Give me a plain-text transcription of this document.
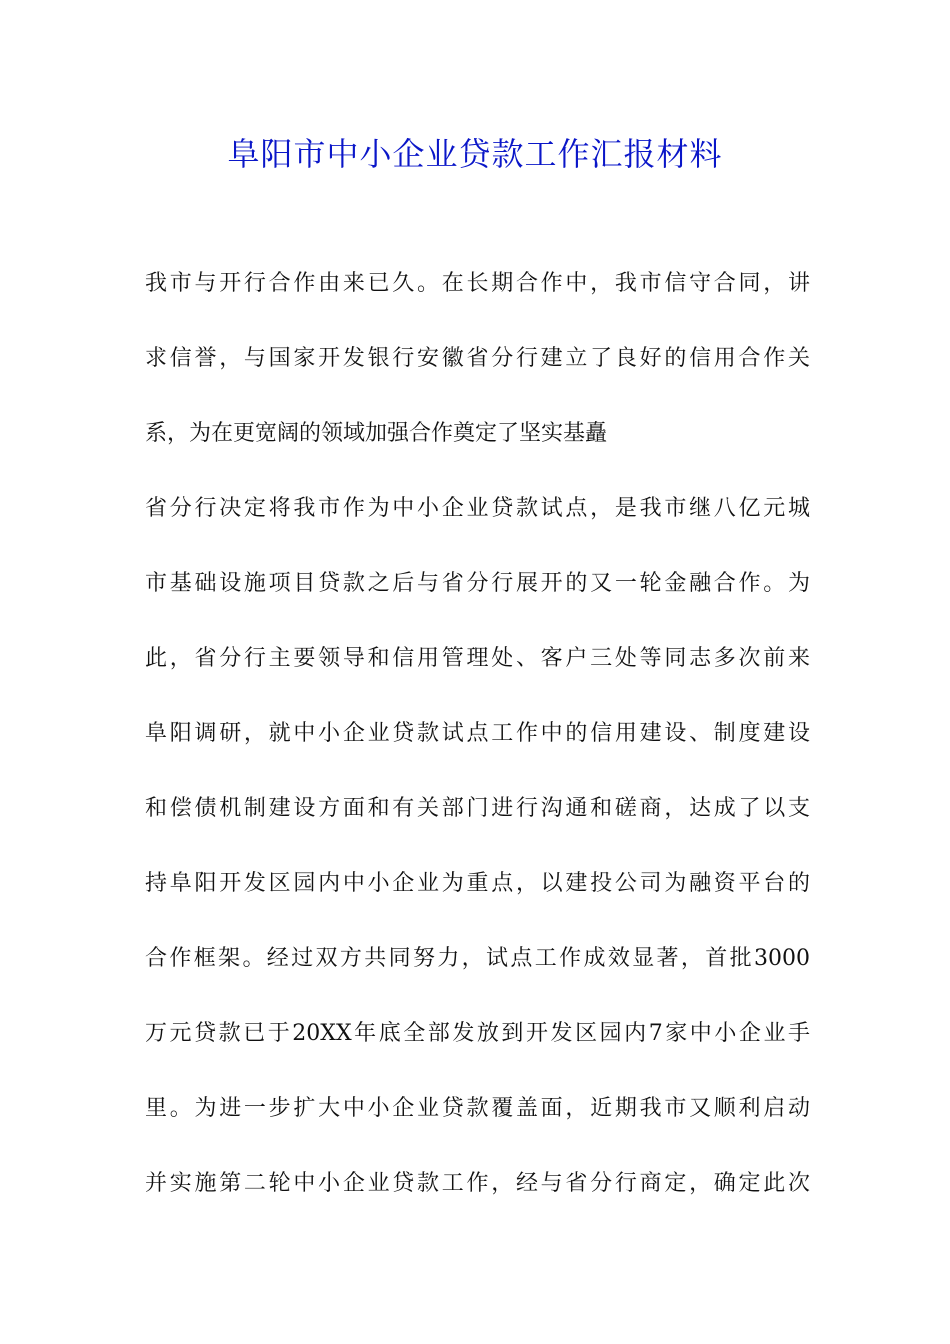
阜阳市中小企业贷款工作汇报材料
我市与开行合作由来已久。在长期合作中，我市信守合同，讲
求信誉，与国家开发银行安徽省分行建立了良好的信用合作关
系，为在更宽阔的领域加强合作奠定了坚实基矗
省分行决定将我市作为中小企业贷款试点，是我市继八亿元城
市基础设施项目贷款之后与省分行展开的又一轮金融合作。为
此，省分行主要领导和信用管理处、客户三处等同志多次前来
阜阳调研，就中小企业贷款试点工作中的信用建设、制度建设
和偿债机制建设方面和有关部门进行沟通和磋商，达成了以支
持阜阳开发区园内中小企业为重点，以建投公司为融资平台的
合作框架。经过双方共同努力，试点工作成效显著，首批3000
万元贷款已于20XX年底全部发放到开发区园内7家中小企业手
里。为进一步扩大中小企业贷款覆盖面，近期我市又顺利启动
并实施第二轮中小企业贷款工作，经与省分行商定，确定此次
